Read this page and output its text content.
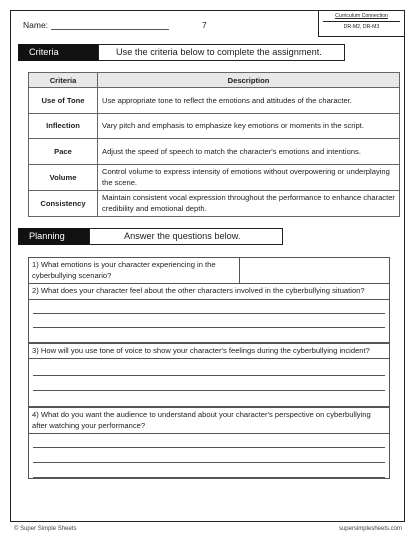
Name:	7
Curriculum Connection
DR-M2, DR-M3
Criteria	Use the criteria below to complete the assignment.
Criteria	Description
Use of Tone	Use appropriate tone to reflect the emotions and attitudes of the character.
Inflection	Vary pitch and emphasis to emphasize key emotions or moments in the script.
Pace	Adjust the speed of speech to match the character's emotions and intentions.
Volume	Control volume to express intensity of emotions without overpowering or underplaying the scene.
Consistency	Maintain consistent vocal expression throughout the performance to enhance character credibility and emotional depth.
Planning	Answer the questions below.
1) What emotions is your character experiencing in the cyberbullying scenario?
2) What does your character feel about the other characters involved in the cyberbullying situation?
3) How will you use tone of voice to show your character's feelings during the cyberbullying incident?
4) What do you want the audience to understand about your character's perspective on cyberbullying after watching your performance?
© Super Simple Sheets	supersimplesheets.com
